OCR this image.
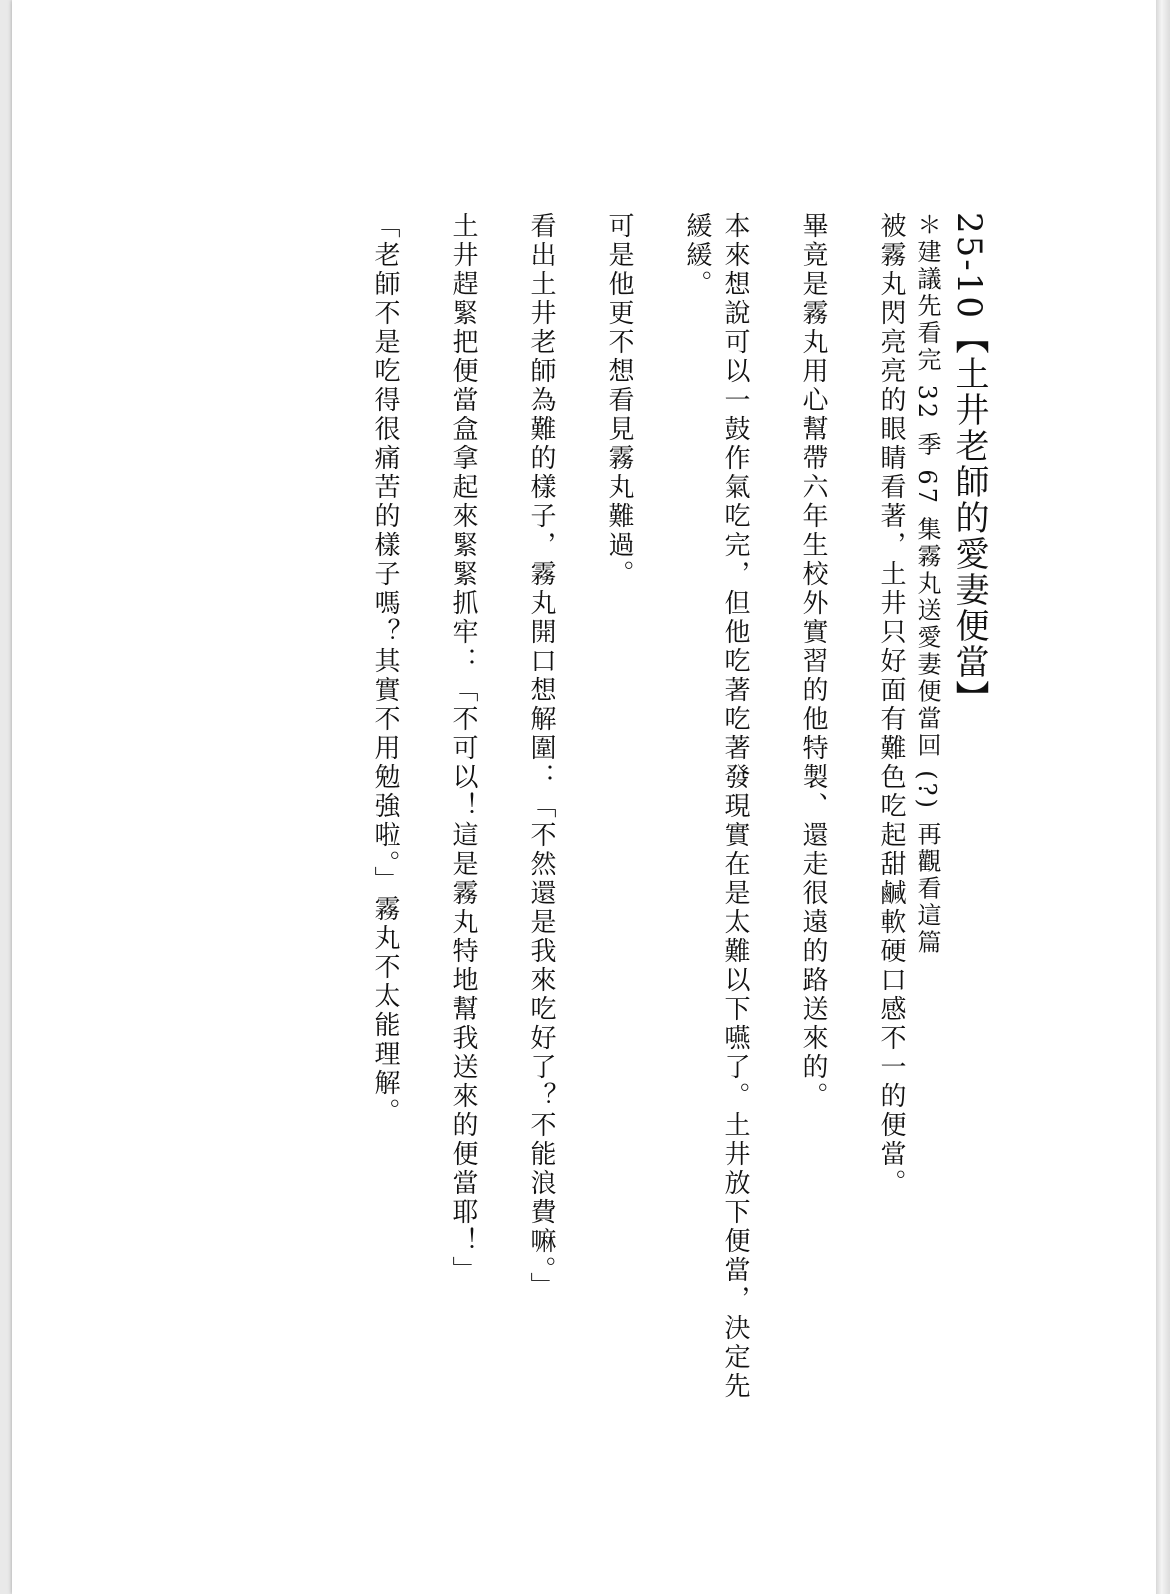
25-10【土井老師的愛妻便當】

＊建議先看完 32 季 67 集霧丸送愛妻便當回 (?) 再觀看這篇

被霧丸閃亮亮的眼睛看著，土井只好面有難色吃起甜鹹軟硬口感不一的便當。

畢竟是霧丸用心幫帶六年生校外實習的他特製、還走很遠的路送來的。

本來想說可以一鼓作氣吃完，但他吃著吃著發現實在是太難以下嚥了。土井放下便當，決定先緩緩。

可是他更不想看見霧丸難過。

看出土井老師為難的樣子，霧丸開口想解圍：「不然還是我來吃好了？不能浪費嘛。」

土井趕緊把便當盒拿起來緊緊抓牢：「不可以！這是霧丸特地幫我送來的便當耶！」

「老師不是吃得很痛苦的樣子嗎？其實不用勉強啦。」霧丸不太能理解。
